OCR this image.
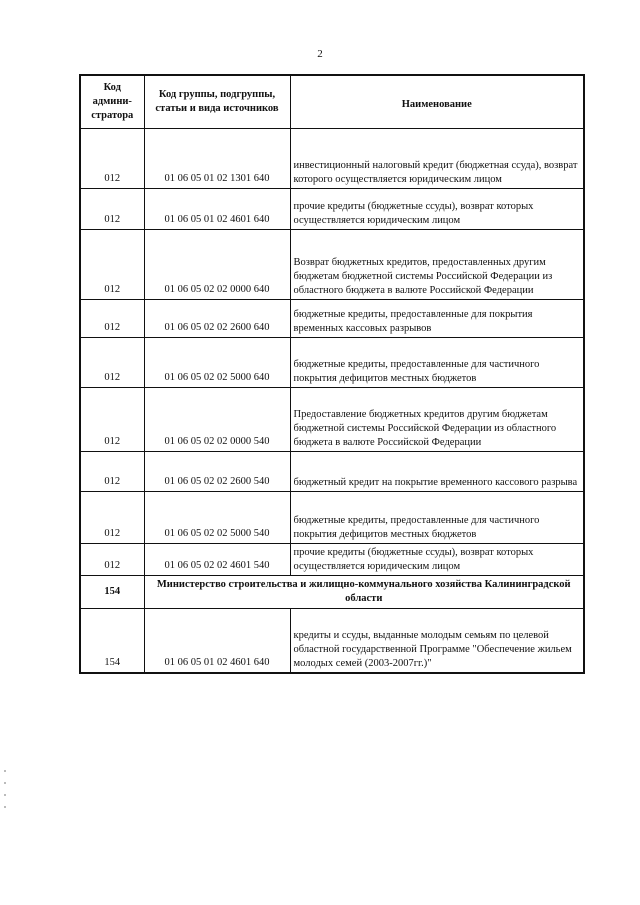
2
Код админи- стратора	Код группы, подгруппы, статьи и вида источников	Наименование
012	01 06 05 01 02 1301 640	инвестиционный налоговый кредит (бюджетная ссуда), возврат которого осуществляется юридическим лицом
012	01 06 05 01 02 4601 640	прочие кредиты (бюджетные ссуды), возврат которых осуществляется юридическим лицом
012	01 06 05 02 02 0000 640	Возврат бюджетных кредитов, предоставленных другим бюджетам бюджетной системы Российской Федерации из областного бюджета в валюте Российской Федерации
012	01 06 05 02 02 2600 640	бюджетные кредиты, предоставленные для покрытия временных кассовых разрывов
012	01 06 05 02 02 5000 640	бюджетные кредиты, предоставленные для частичного покрытия дефицитов местных бюджетов
012	01 06 05 02 02 0000 540	Предоставление бюджетных кредитов другим бюджетам бюджетной системы Российской Федерации из областного бюджета в валюте Российской Федерации
012	01 06 05 02 02 2600 540	бюджетный кредит на покрытие временного кассового разрыва
012	01 06 05 02 02 5000 540	бюджетные кредиты, предоставленные для частичного покрытия дефицитов местных бюджетов
012	01 06 05 02 02 4601 540	прочие кредиты (бюджетные ссуды), возврат которых осуществляется юридическим лицом
154	Министерство строительства и жилищно-коммунального хозяйства Калининградской области	
154	01 06 05 01 02 4601 640	кредиты и ссуды, выданные молодым семьям по целевой областной государственной Программе "Обеспечение жильем молодых семей (2003-2007гг.)"
